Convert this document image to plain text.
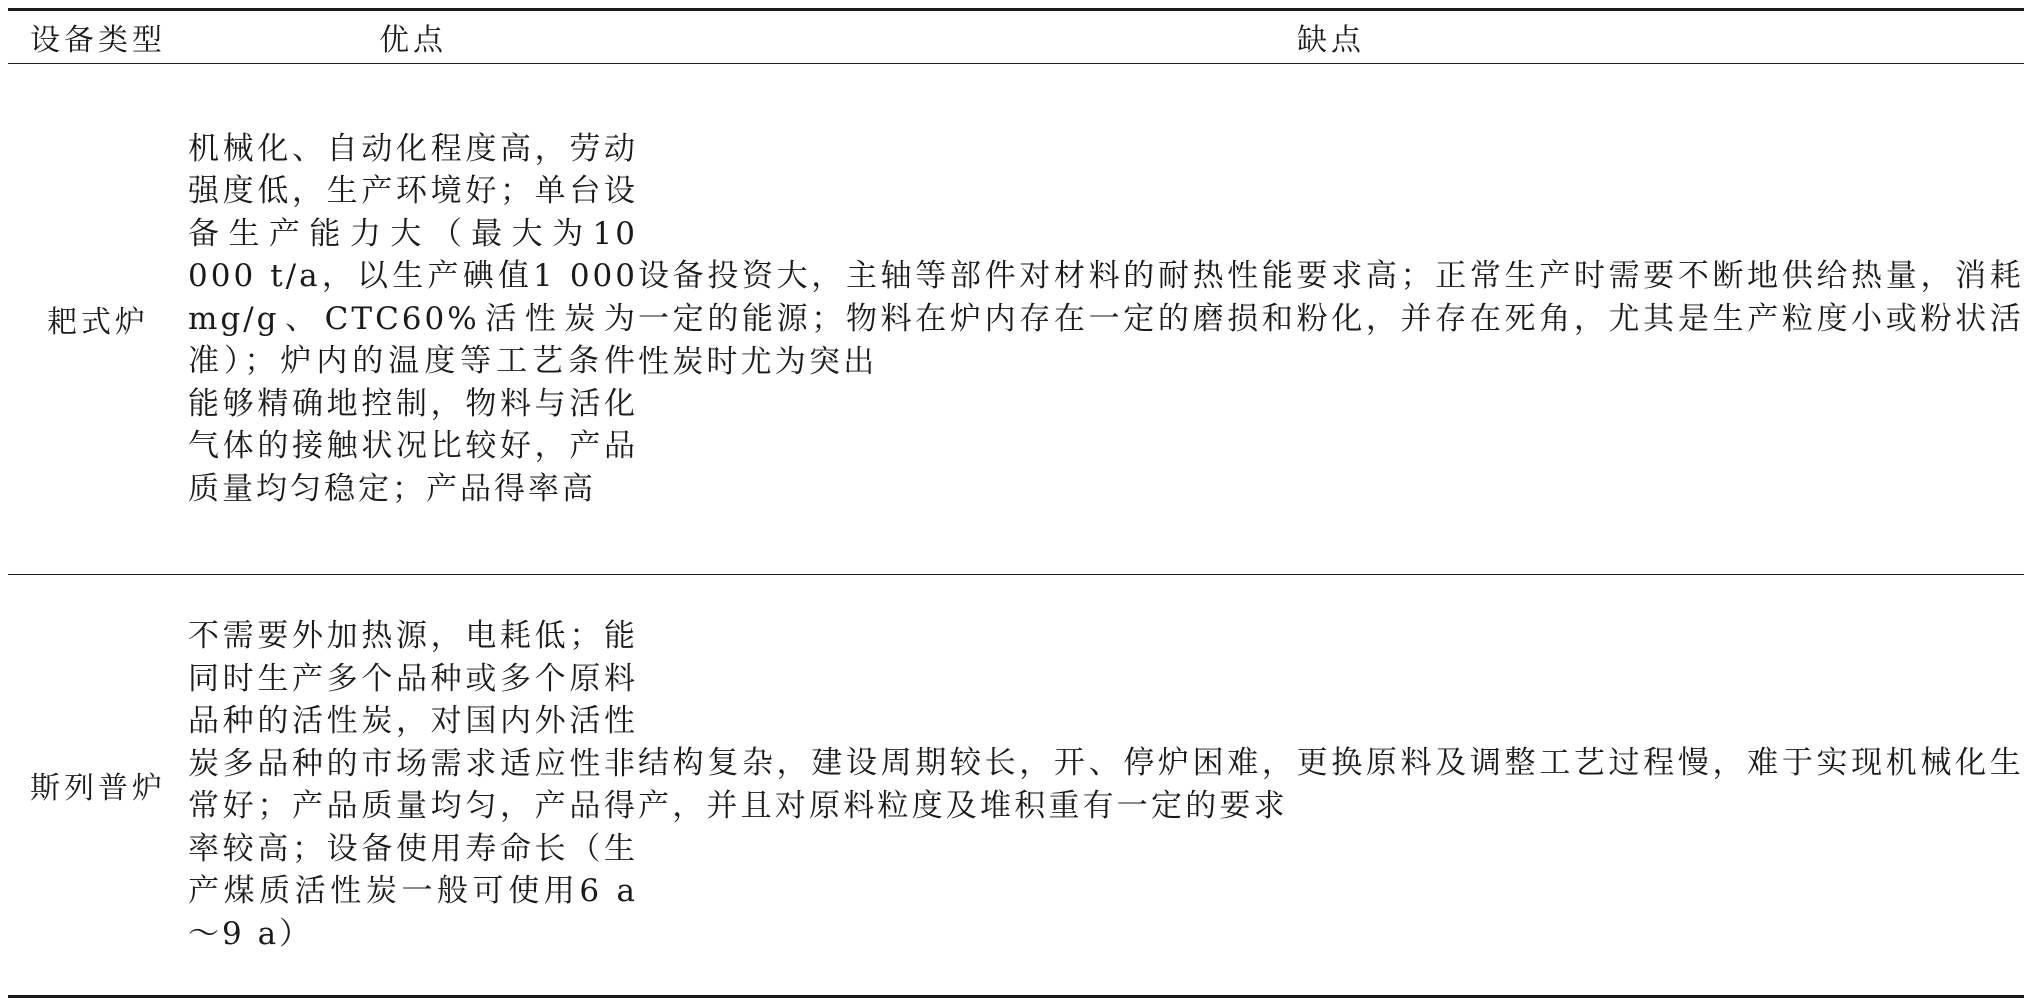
设备类型	优点	缺点
耙式炉	机械化、自动化程度高，劳动强度低，生产环境好；单台设备生产能力大（最大为10 000 t/a，以生产碘值1 000 mg/g、CTC60%活性炭为准）；炉内的温度等工艺条件能够精确地控制，物料与活化气体的接触状况比较好，产品质量均匀稳定；产品得率高	设备投资大，主轴等部件对材料的耐热性能要求高；正常生产时需要不断地供给热量，消耗一定的能源；物料在炉内存在一定的磨损和粉化，并存在死角，尤其是生产粒度小或粉状活性炭时尤为突出
斯列普炉	不需要外加热源，电耗低；能同时生产多个品种或多个原料品种的活性炭，对国内外活性炭多品种的市场需求适应性非常好；产品质量均匀，产品得率较高；设备使用寿命长（生产煤质活性炭一般可使用6 a～9 a）	结构复杂，建设周期较长，开、停炉困难，更换原料及调整工艺过程慢，难于实现机械化生产，并且对原料粒度及堆积重有一定的要求
